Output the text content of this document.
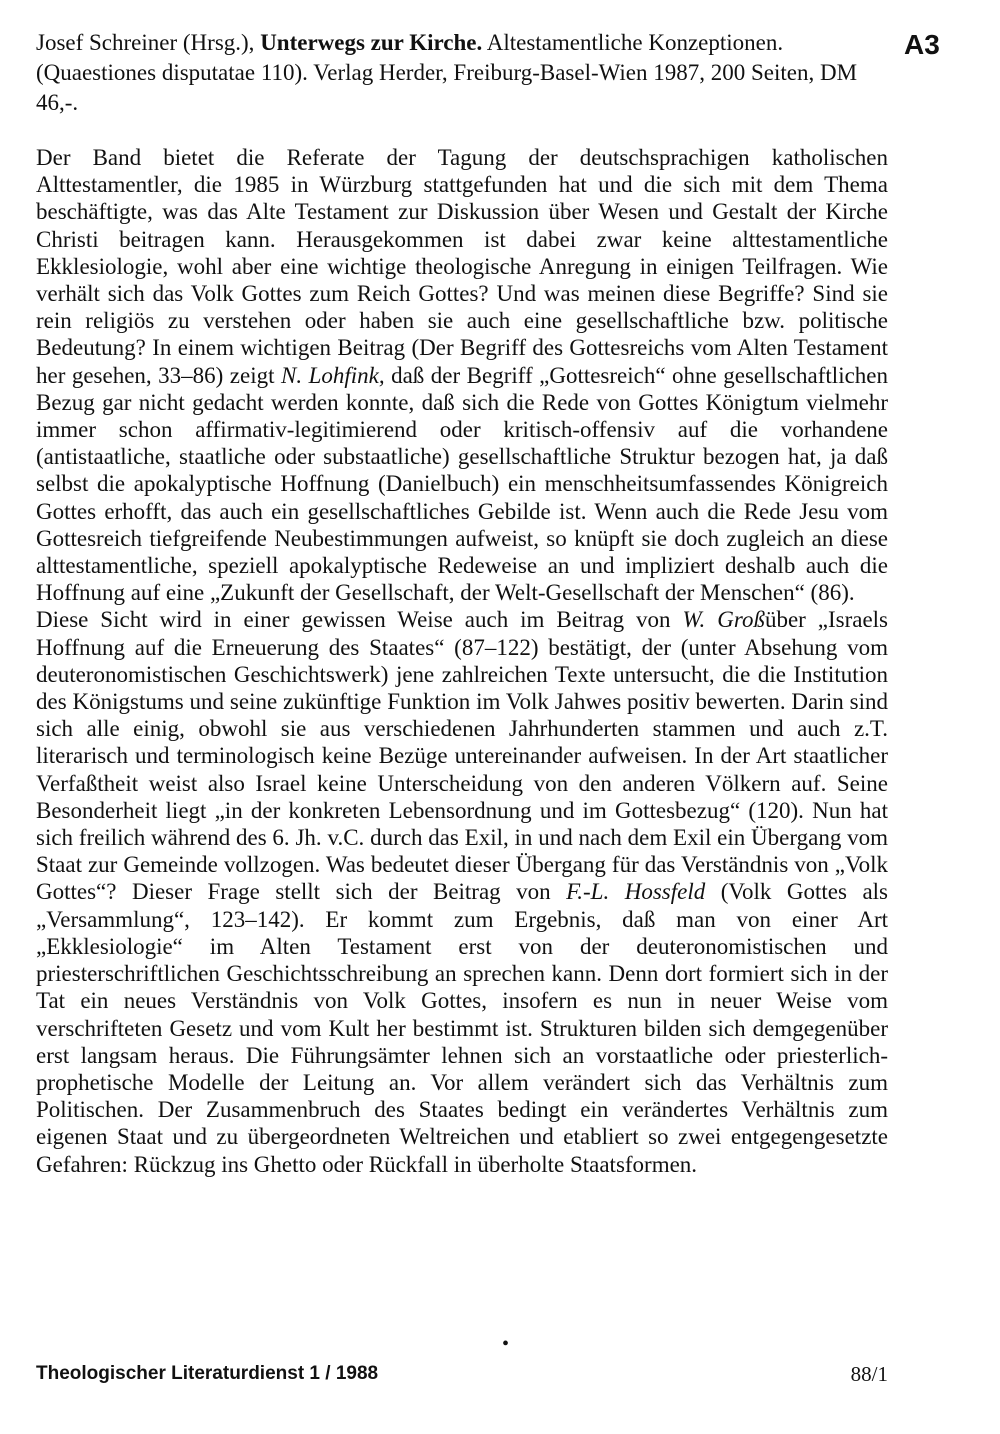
Josef Schreiner (Hrsg.), Unterwegs zur Kirche. Altestamentliche Konzeptionen. (Quaestiones disputatae 110). Verlag Herder, Freiburg-Basel-Wien 1987, 200 Seiten, DM 46,-.

A3

Der Band bietet die Referate der Tagung der deutschsprachigen katholischen Alttestamentler, die 1985 in Würzburg stattgefunden hat und die sich mit dem Thema beschäftigte, was das Alte Testament zur Diskussion über Wesen und Gestalt der Kirche Christi beitragen kann. Herausgekommen ist dabei zwar keine alttestamentliche Ekklesiologie, wohl aber eine wichtige theologische Anregung in einigen Teilfragen. Wie verhält sich das Volk Gottes zum Reich Gottes? Und was meinen diese Begriffe? Sind sie rein religiös zu verstehen oder haben sie auch eine gesellschaftliche bzw. politische Bedeutung? In einem wichtigen Beitrag (Der Begriff des Gottesreichs vom Alten Testament her gesehen, 33–86) zeigt N. Lohfink, daß der Begriff „Gottesreich“ ohne gesellschaftlichen Bezug gar nicht gedacht werden konnte, daß sich die Rede von Gottes Königtum vielmehr immer schon affirmativ-legitimierend oder kritisch-offensiv auf die vorhandene (antistaatliche, staatliche oder substaatliche) gesellschaftliche Struktur bezogen hat, ja daß selbst die apokalyptische Hoffnung (Danielbuch) ein menschheitsumfassendes Königreich Gottes erhofft, das auch ein gesellschaftliches Gebilde ist. Wenn auch die Rede Jesu vom Gottesreich tiefgreifende Neubestimmungen aufweist, so knüpft sie doch zugleich an diese alttestamentliche, speziell apokalyptische Redeweise an und impliziert deshalb auch die Hoffnung auf eine „Zukunft der Gesellschaft, der Welt-Gesellschaft der Menschen“ (86).

Diese Sicht wird in einer gewissen Weise auch im Beitrag von W. Großüber „Israels Hoffnung auf die Erneuerung des Staates“ (87–122) bestätigt, der (unter Absehung vom deuteronomistischen Geschichtswerk) jene zahlreichen Texte untersucht, die die Institution des Königstums und seine zukünftige Funktion im Volk Jahwes positiv bewerten. Darin sind sich alle einig, obwohl sie aus verschiedenen Jahrhunderten stammen und auch z.T. literarisch und terminologisch keine Bezüge untereinander aufweisen. In der Art staatlicher Verfaßtheit weist also Israel keine Unterscheidung von den anderen Völkern auf. Seine Besonderheit liegt „in der konkreten Lebensordnung und im Gottesbezug“ (120). Nun hat sich freilich während des 6. Jh. v.C. durch das Exil, in und nach dem Exil ein Übergang vom Staat zur Gemeinde vollzogen. Was bedeutet dieser Übergang für das Verständnis von „Volk Gottes“? Dieser Frage stellt sich der Beitrag von F.-L. Hossfeld (Volk Gottes als „Versammlung“, 123–142). Er kommt zum Ergebnis, daß man von einer Art „Ekklesiologie“ im Alten Testament erst von der deuteronomistischen und priesterschriftlichen Geschichtsschreibung an sprechen kann. Denn dort formiert sich in der Tat ein neues Verständnis von Volk Gottes, insofern es nun in neuer Weise vom verschrifteten Gesetz und vom Kult her bestimmt ist. Strukturen bilden sich demgegenüber erst langsam heraus. Die Führungsämter lehnen sich an vorstaatliche oder priesterlich-prophetische Modelle der Leitung an. Vor allem verändert sich das Verhältnis zum Politischen. Der Zusammenbruch des Staates bedingt ein verändertes Verhältnis zum eigenen Staat und zu übergeordneten Weltreichen und etabliert so zwei entgegengesetzte Gefahren: Rückzug ins Ghetto oder Rückfall in überholte Staatsformen.

•
Theologischer Literaturdienst 1 / 1988	88/1
